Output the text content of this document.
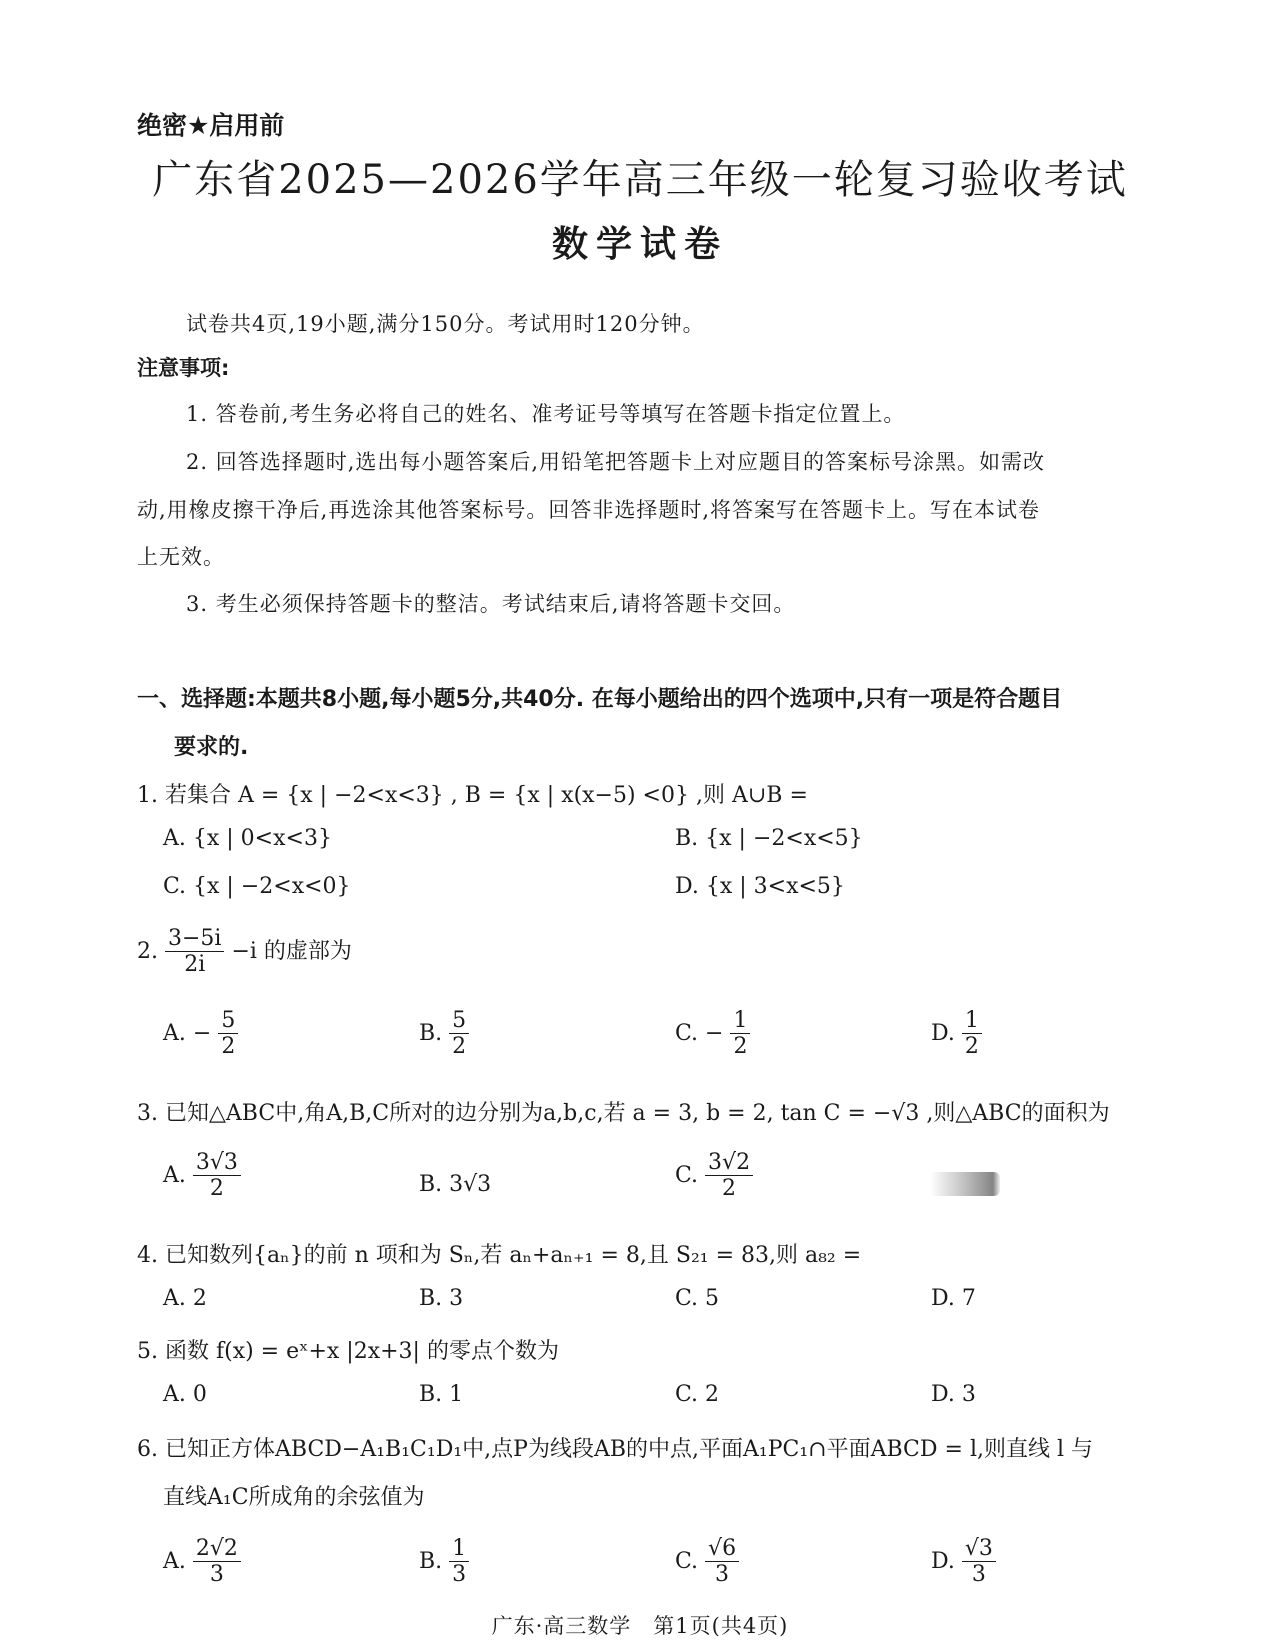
绝密★启用前
广东省2025—2026学年高三年级一轮复习验收考试
数学试卷
试卷共4页,19小题,满分150分。考试用时120分钟。
注意事项:
1. 答卷前,考生务必将自己的姓名、准考证号等填写在答题卡指定位置上。
2. 回答选择题时,选出每小题答案后,用铅笔把答题卡上对应题目的答案标号涂黑。如需改
动,用橡皮擦干净后,再选涂其他答案标号。回答非选择题时,将答案写在答题卡上。写在本试卷
上无效。
3. 考生必须保持答题卡的整洁。考试结束后,请将答题卡交回。
一、选择题:本题共8小题,每小题5分,共40分. 在每小题给出的四个选项中,只有一项是符合题目
要求的.
1. 若集合 A = {x | −2<x<3} , B = {x | x(x−5) <0} ,则 A∪B =
A. {x | 0<x<3}	B. {x | −2<x<5}
C. {x | −2<x<0}	D. {x | 3<x<5}
2. $\frac{3-5i}{2i} -i$ 的虚部为
A. − $\frac{5}{2}$	B. $\frac{5}{2}$	C. − $\frac{1}{2}$	D. $\frac{1}{2}$
3. 已知△ABC中,角A,B,C所对的边分别为a,b,c,若 a = 3, b = 2, tan C = −√3 ,则△ABC的面积为
A. $\frac{3√3}{2}$	B. 3√3	C. $\frac{3√2}{2}$
4. 已知数列{aₙ}的前 n 项和为 Sₙ,若 aₙ+aₙ₊₁ = 8,且 S₂₁ = 83,则 a₈₂ =
A. 2	B. 3	C. 5	D. 7
5. 函数 f(x) = eˣ+x |2x+3| 的零点个数为
A. 0	B. 1	C. 2	D. 3
6. 已知正方体ABCD−A₁B₁C₁D₁中,点P为线段AB的中点,平面A₁PC₁∩平面ABCD = l,则直线 l 与
直线A₁C所成角的余弦值为
A. $\frac{2√2}{3}$	B. $\frac{1}{3}$	C. $\frac{√6}{3}$	D. $\frac{√3}{3}$
广东·高三数学　第1页(共4页)
